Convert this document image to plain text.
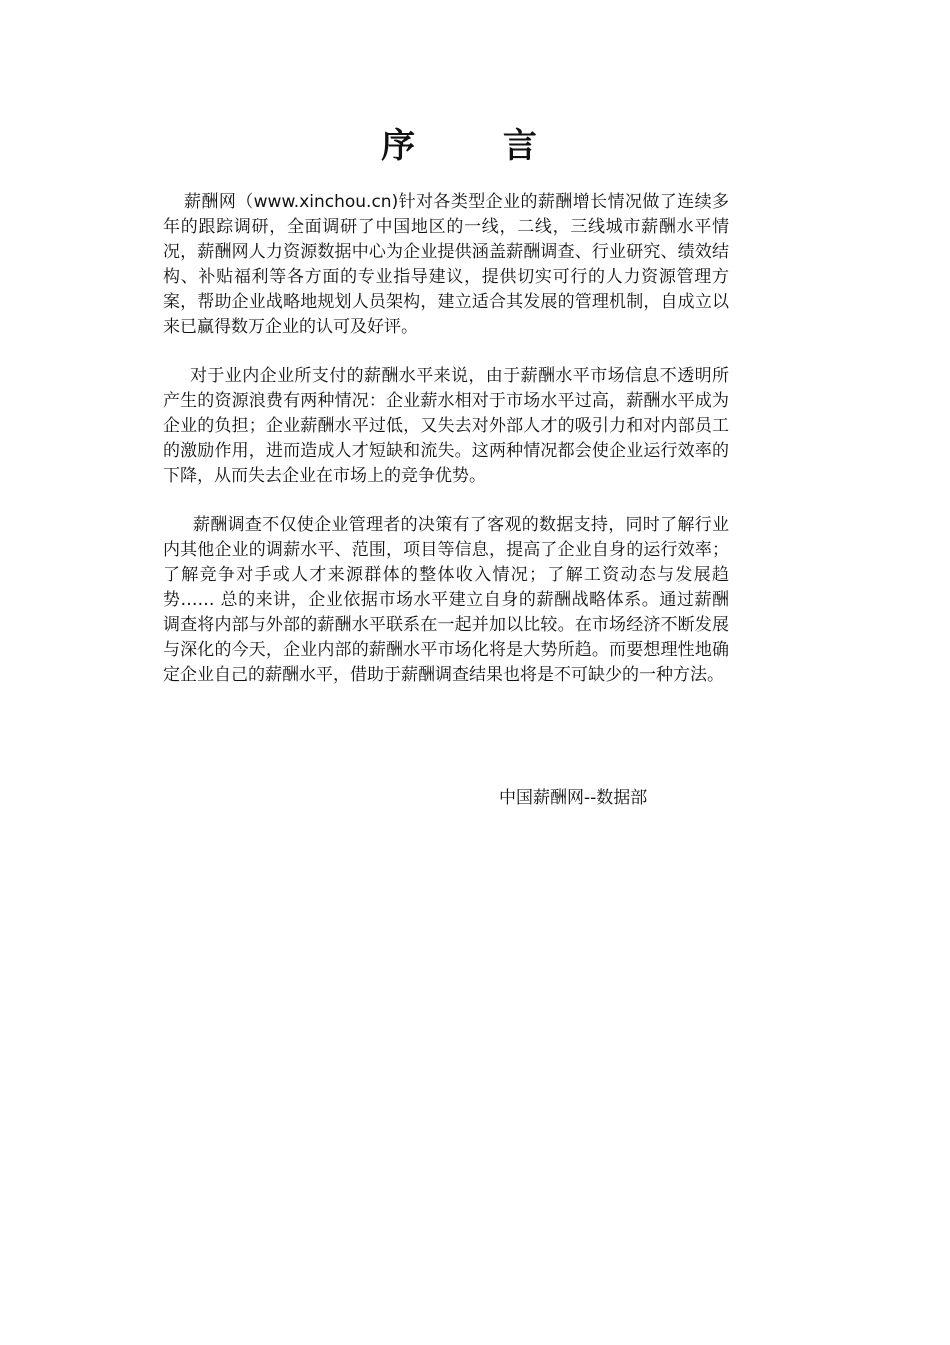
序 言

薪酬网（www.xinchou.cn)针对各类型企业的薪酬增长情况做了连续多年的跟踪调研，全面调研了中国地区的一线，二线，三线城市薪酬水平情况，薪酬网人力资源数据中心为企业提供涵盖薪酬调查、行业研究、绩效结构、补贴福利等各方面的专业指导建议，提供切实可行的人力资源管理方案，帮助企业战略地规划人员架构，建立适合其发展的管理机制，自成立以来已赢得数万企业的认可及好评。

对于业内企业所支付的薪酬水平来说，由于薪酬水平市场信息不透明所产生的资源浪费有两种情况：企业薪水相对于市场水平过高，薪酬水平成为企业的负担；企业薪酬水平过低，又失去对外部人才的吸引力和对内部员工的激励作用，进而造成人才短缺和流失。这两种情况都会使企业运行效率的下降，从而失去企业在市场上的竞争优势。

薪酬调查不仅使企业管理者的决策有了客观的数据支持，同时了解行业内其他企业的调薪水平、范围，项目等信息，提高了企业自身的运行效率；了解竞争对手或人才来源群体的整体收入情况；了解工资动态与发展趋势…… 总的来讲，企业依据市场水平建立自身的薪酬战略体系。通过薪酬调查将内部与外部的薪酬水平联系在一起并加以比较。在市场经济不断发展与深化的今天，企业内部的薪酬水平市场化将是大势所趋。而要想理性地确定企业自己的薪酬水平，借助于薪酬调查结果也将是不可缺少的一种方法。

中国薪酬网--数据部
